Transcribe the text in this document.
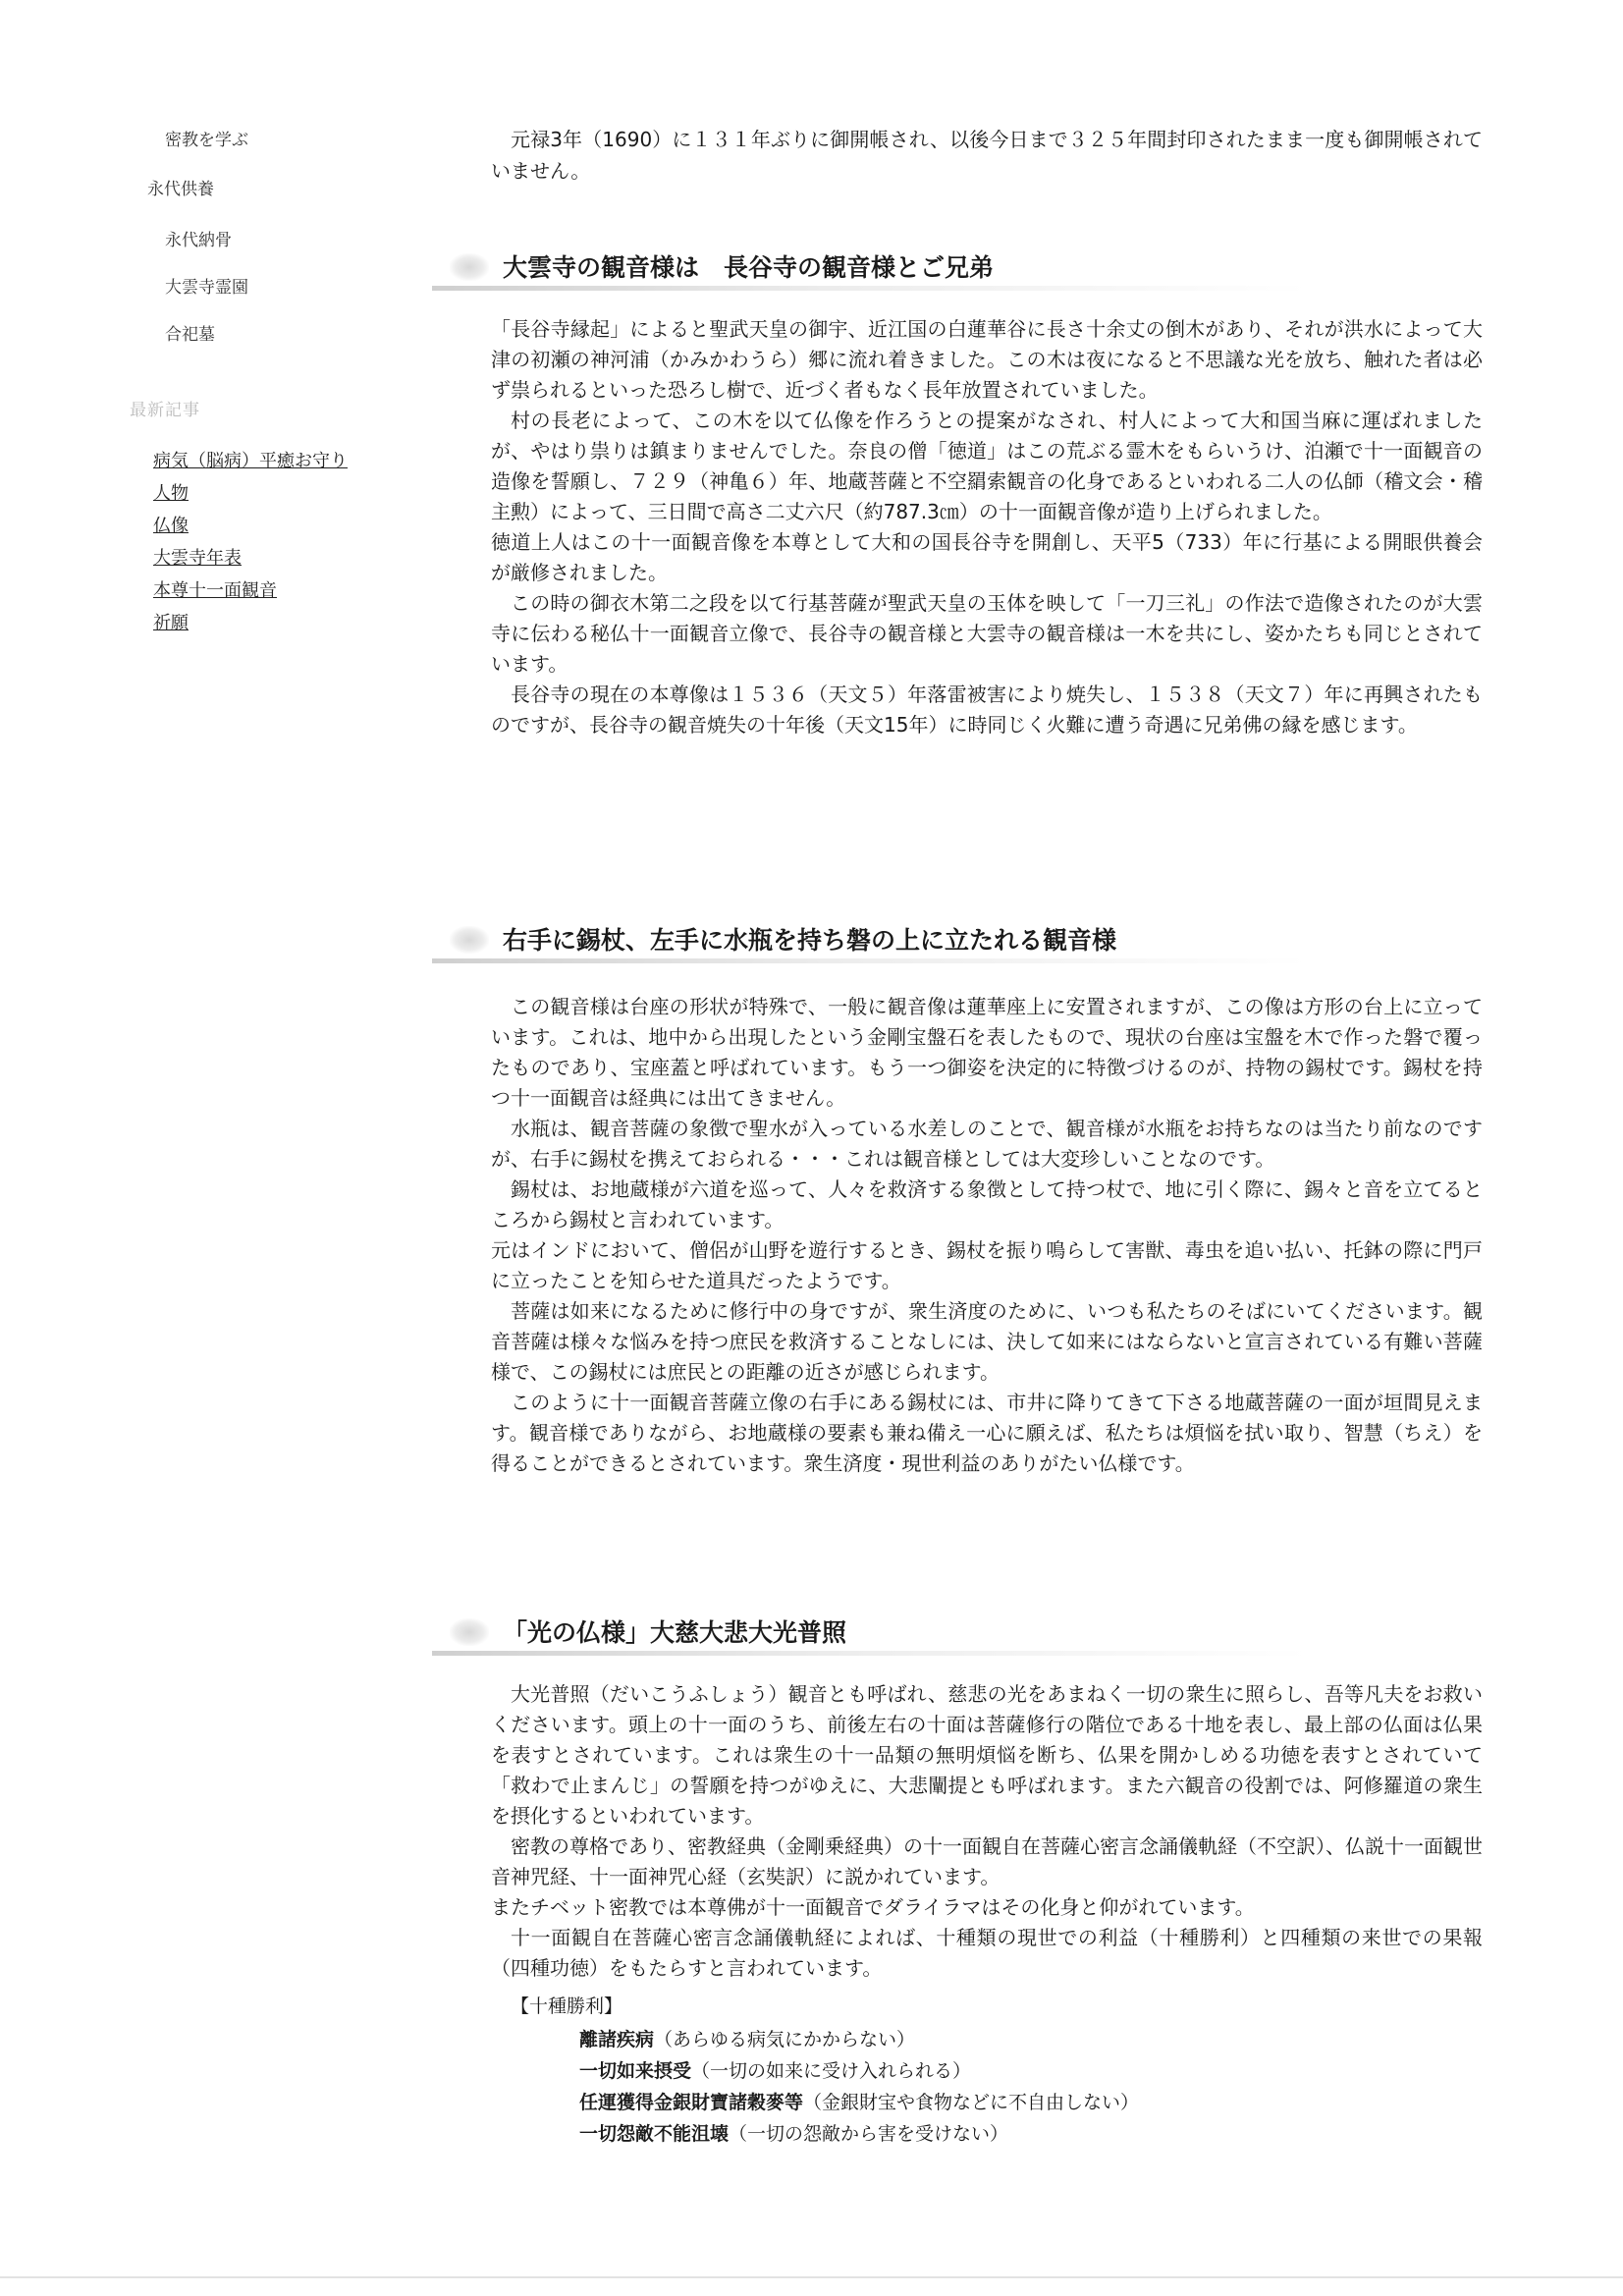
密教を学ぶ
永代供養
永代納骨
大雲寺霊園
合祀墓
最新記事
病気（脳病）平癒お守り
人物
仏像
大雲寺年表
本尊十一面観音
祈願

元禄3年（1690）に１３１年ぶりに御開帳され、以後今日まで３２５年間封印されたまま一度も御開帳されていません。

大雲寺の観音様は　長谷寺の観音様とご兄弟

「長谷寺縁起」によると聖武天皇の御宇、近江国の白蓮華谷に長さ十余丈の倒木があり、それが洪水によって大津の初瀬の神河浦（かみかわうら）郷に流れ着きました。この木は夜になると不思議な光を放ち、触れた者は必ず祟られるといった恐ろし樹で、近づく者もなく長年放置されていました。

村の長老によって、この木を以て仏像を作ろうとの提案がなされ、村人によって大和国当麻に運ばれましたが、やはり祟りは鎮まりませんでした。奈良の僧「徳道」はこの荒ぶる霊木をもらいうけ、泊瀬で十一面観音の造像を誓願し、７２９（神亀６）年、地蔵菩薩と不空羂索観音の化身であるといわれる二人の仏師（稽文会・稽主勲）によって、三日間で高さ二丈六尺（約787.3㎝）の十一面観音像が造り上げられました。

徳道上人はこの十一面観音像を本尊として大和の国長谷寺を開創し、天平5（733）年に行基による開眼供養会が厳修されました。

この時の御衣木第二之段を以て行基菩薩が聖武天皇の玉体を映して「一刀三礼」の作法で造像されたのが大雲寺に伝わる秘仏十一面観音立像で、長谷寺の観音様と大雲寺の観音様は一木を共にし、姿かたちも同じとされています。

長谷寺の現在の本尊像は１５３６（天文５）年落雷被害により焼失し、１５３８（天文７）年に再興されたものですが、長谷寺の観音焼失の十年後（天文15年）に時同じく火難に遭う奇遇に兄弟佛の縁を感じます。

右手に錫杖、左手に水瓶を持ち磐の上に立たれる観音様

この観音様は台座の形状が特殊で、一般に観音像は蓮華座上に安置されますが、この像は方形の台上に立っています。これは、地中から出現したという金剛宝盤石を表したもので、現状の台座は宝盤を木で作った磐で覆ったものであり、宝座蓋と呼ばれています。もう一つ御姿を決定的に特徴づけるのが、持物の錫杖です。錫杖を持つ十一面観音は経典には出てきません。

水瓶は、観音菩薩の象徴で聖水が入っている水差しのことで、観音様が水瓶をお持ちなのは当たり前なのですが、右手に錫杖を携えておられる・・・これは観音様としては大変珍しいことなのです。

錫杖は、お地蔵様が六道を巡って、人々を救済する象徴として持つ杖で、地に引く際に、錫々と音を立てるところから錫杖と言われています。

元はインドにおいて、僧侶が山野を遊行するとき、錫杖を振り鳴らして害獣、毒虫を追い払い、托鉢の際に門戸に立ったことを知らせた道具だったようです。

菩薩は如来になるために修行中の身ですが、衆生済度のために、いつも私たちのそばにいてくださいます。観音菩薩は様々な悩みを持つ庶民を救済することなしには、決して如来にはならないと宣言されている有難い菩薩様で、この錫杖には庶民との距離の近さが感じられます。

このように十一面観音菩薩立像の右手にある錫杖には、市井に降りてきて下さる地蔵菩薩の一面が垣間見えます。観音様でありながら、お地蔵様の要素も兼ね備え一心に願えば、私たちは煩悩を拭い取り、智慧（ちえ）を得ることができるとされています。衆生済度・現世利益のありがたい仏様です。

「光の仏様」大慈大悲大光普照

大光普照（だいこうふしょう）観音とも呼ばれ、慈悲の光をあまねく一切の衆生に照らし、吾等凡夫をお救いくださいます。頭上の十一面のうち、前後左右の十面は菩薩修行の階位である十地を表し、最上部の仏面は仏果を表すとされています。これは衆生の十一品類の無明煩悩を断ち、仏果を開かしめる功徳を表すとされていて「救わで止まんじ」の誓願を持つがゆえに、大悲闡提とも呼ばれます。また六観音の役割では、阿修羅道の衆生を摂化するといわれています。

密教の尊格であり、密教経典（金剛乗経典）の十一面観自在菩薩心密言念誦儀軌経（不空訳）、仏説十一面観世音神咒経、十一面神咒心経（玄奘訳）に説かれています。

またチベット密教では本尊佛が十一面観音でダライラマはその化身と仰がれています。

十一面観自在菩薩心密言念誦儀軌経によれば、十種類の現世での利益（十種勝利）と四種類の来世での果報（四種功徳）をもたらすと言われています。

【十種勝利】
離諸疾病（あらゆる病気にかからない）
一切如来摂受（一切の如来に受け入れられる）
任運獲得金銀財寶諸穀麥等（金銀財宝や食物などに不自由しない）
一切怨敵不能沮壊（一切の怨敵から害を受けない）
